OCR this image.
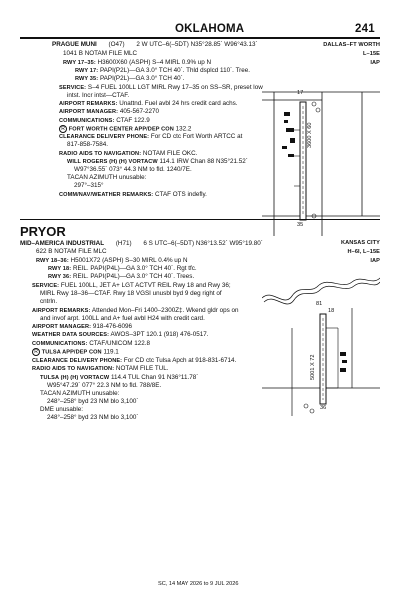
OKLAHOMA	241
PRAGUE MUNI (O47) 2 W UTC–6(–5DT) N35°28.85´ W96°43.13´	DALLAS–FT WORTH
L–15E
IAP
1041 B NOTAM FILE MLC
RWY 17–35: H3600X60 (ASPH) S–4 MIRL 0.9% up N
RWY 17: PAPI(P2L)—GA 3.0° TCH 40´. Thld dsplcd 110´. Tree.
RWY 35: PAPI(P2L)—GA 3.0° TCH 40´.
SERVICE: S–4 FUEL 100LL LGT MIRL Rwy 17–35 on SS–SR, preset low
intst. Incr intst—CTAF.
AIRPORT REMARKS: Unattnd. Fuel avbl 24 hrs credit card achs.
AIRPORT MANAGER: 405-567-2270
COMMUNICATIONS: CTAF 122.9
R FORT WORTH CENTER APP/DEP CON 132.2
CLEARANCE DELIVERY PHONE: For CD ctc Fort Worth ARTCC at
817-858-7584.
RADIO AIDS TO NAVIGATION: NOTAM FILE OKC.
WILL ROGERS (H) (H) VORTACW 114.1 IRW Chan 88 N35°21.52´
W97°36.55´ 073° 44.3 NM to fld. 1240/7E.
TACAN AZIMUTH unusable:
297°–315°
COMM/NAV/WEATHER REMARKS: CTAF OTS indefly.
17
35
3600 X 60
PRYOR
MID–AMERICA INDUSTRIAL (H71) 6 S UTC–6(–5DT) N36°13.52´ W95°19.80´	KANSAS CITY
H–6I, L–15E
IAP
622 B NOTAM FILE MLC
RWY 18–36: H5001X72 (ASPH) S–30 MIRL 0.4% up N
RWY 18: REIL. PAPI(P4L)—GA 3.0° TCH 40´. Rgt tfc.
RWY 36: REIL. PAPI(P4L)—GA 3.0° TCH 40´. Trees.
SERVICE: FUEL 100LL, JET A+ LGT ACTVT REIL Rwy 18 and Rwy 36;
MIRL Rwy 18–36—CTAF. Rwy 18 VGSI unusbl byd 9 deg right of
cntrln.
AIRPORT REMARKS: Attended Mon–Fri 1400–2300Z‡. Wkend gldr ops on
and invof arpt. 100LL and A+ fuel avbl H24 with credit card.
AIRPORT MANAGER: 918-476-6096
WEATHER DATA SOURCES: AWOS–3PT 120.1 (918) 476-0517.
COMMUNICATIONS: CTAF/UNICOM 122.8
R TULSA APP/DEP CON 119.1
CLEARANCE DELIVERY PHONE: For CD ctc Tulsa Apch at 918-831-6714.
RADIO AIDS TO NAVIGATION: NOTAM FILE TUL.
TULSA (H) (H) VORTACW 114.4 TUL Chan 91 N36°11.78´
W95°47.29´ 077° 22.3 NM to fld. 788/8E.
TACAN AZIMUTH unusable:
248°–258° byd 23 NM blo 3,100´
DME unusable:
248°–258° byd 23 NM blo 3,100´
81
18
36
5001 X 72
SC, 14 MAY 2026 to 9 JUL 2026
